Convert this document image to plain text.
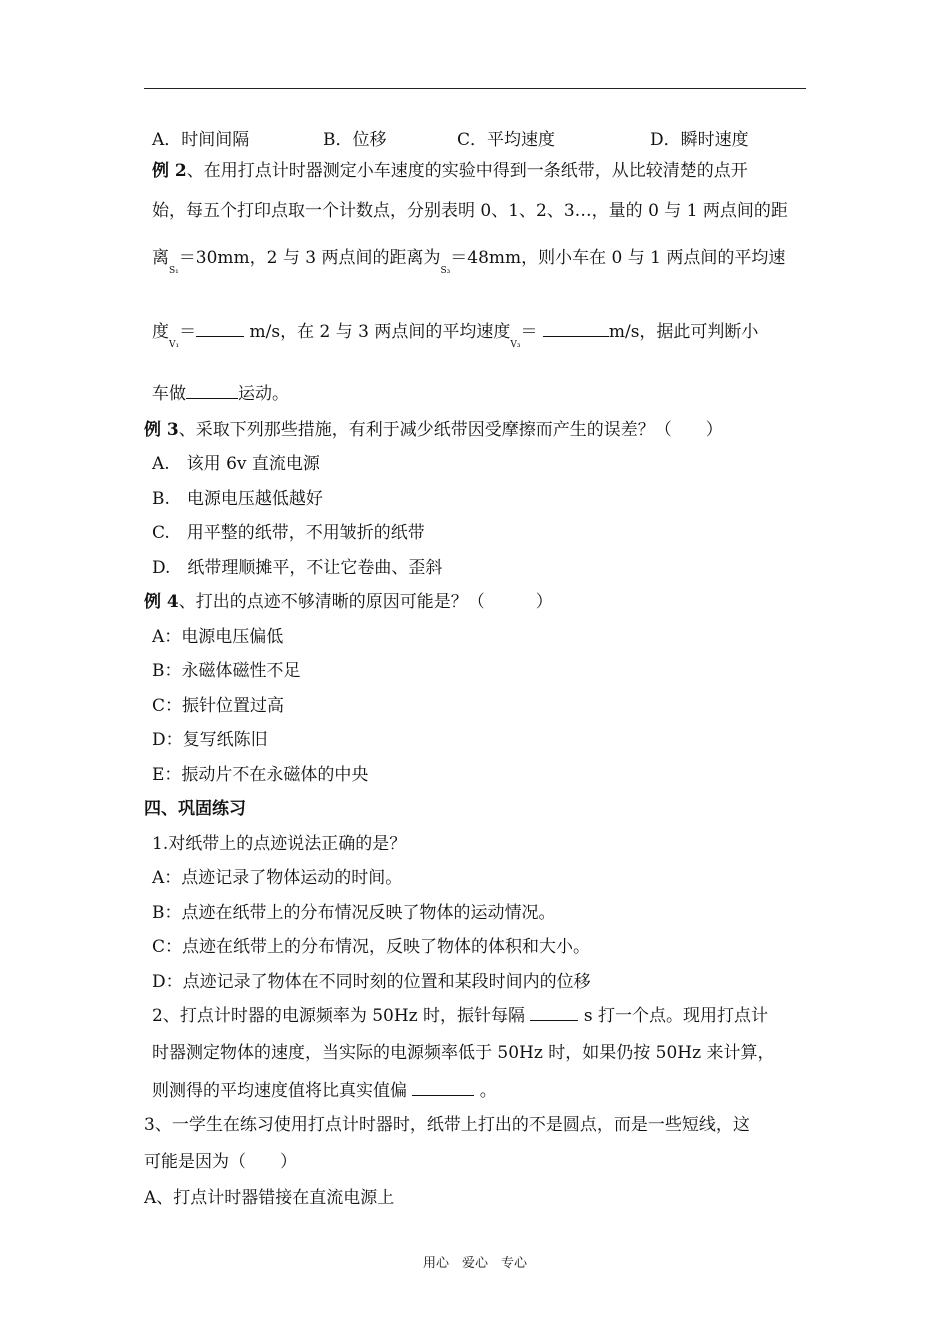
A．时间间隔	B．位移	C．平均速度	D．瞬时速度
例 2、在用打点计时器测定小车速度的实验中得到一条纸带，从比较清楚的点开
始，每五个打印点取一个计数点，分别表明 0、1、2、3…，量的 0 与 1 两点间的距
离$_{S_1}$＝30mm，2 与 3 两点间的距离为$_{S_3}$＝48mm，则小车在 0 与 1 两点间的平均速
度$_{V_1}$＝	m/s，在 2 与 3 两点间的平均速度$_{V_3}$＝	m/s，据此可判断小
车做	运动。
例 3、采取下列那些措施，有利于减少纸带因受摩擦而产生的误差？（　　）
A.　该用 6v 直流电源
B.　电源电压越低越好
C.　用平整的纸带，不用皱折的纸带
D.　纸带理顺摊平，不让它卷曲、歪斜
例 4、打出的点迹不够清晰的原因可能是？（　　　）
A：电源电压偏低
B：永磁体磁性不足
C：振针位置过高
D：复写纸陈旧
E：振动片不在永磁体的中央
四、巩固练习
1.对纸带上的点迹说法正确的是？
A：点迹记录了物体运动的时间。
B：点迹在纸带上的分布情况反映了物体的运动情况。
C：点迹在纸带上的分布情况，反映了物体的体积和大小。
D：点迹记录了物体在不同时刻的位置和某段时间内的位移
2、打点计时器的电源频率为 50Hz 时，振针每隔	s 打一个点。现用打点计
时器测定物体的速度，当实际的电源频率低于 50Hz 时，如果仍按 50Hz 来计算，
则测得的平均速度值将比真实值偏	。
3、一学生在练习使用打点计时器时，纸带上打出的不是圆点，而是一些短线，这
可能是因为（　　）
A、打点计时器错接在直流电源上
用心　爱心　专心
